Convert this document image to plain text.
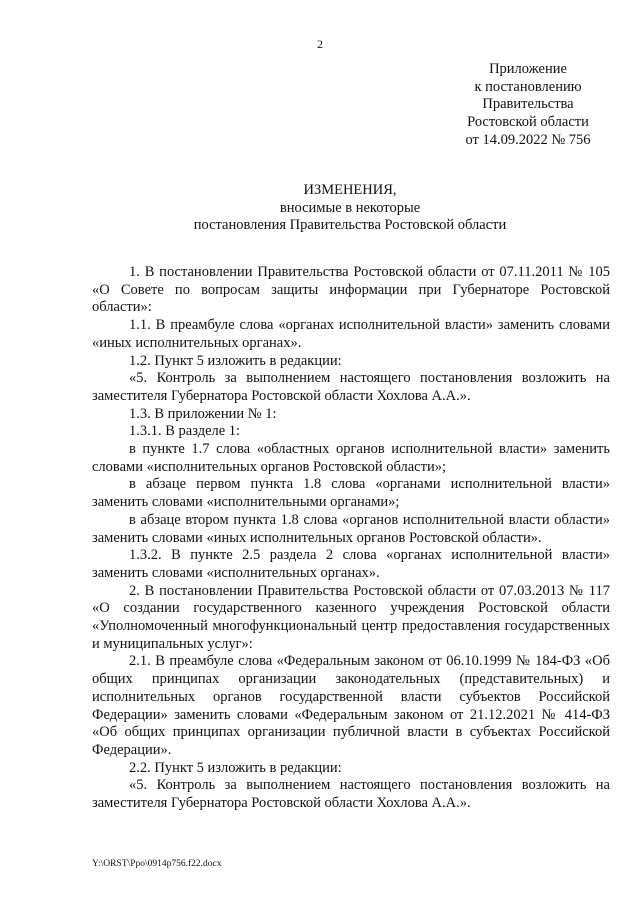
2
Приложение
к постановлению
Правительства
Ростовской области
от 14.09.2022 № 756
ИЗМЕНЕНИЯ,
вносимые в некоторые
постановления Правительства Ростовской области

1. В постановлении Правительства Ростовской области от 07.11.2011 № 105 «О Совете по вопросам защиты информации при Губернаторе Ростовской области»:

1.1. В преамбуле слова «органах исполнительной власти» заменить словами «иных исполнительных органах».

1.2. Пункт 5 изложить в редакции:

«5. Контроль за выполнением настоящего постановления возложить на заместителя Губернатора Ростовской области Хохлова А.А.».

1.3. В приложении № 1:

1.3.1. В разделе 1:

в пункте 1.7 слова «областных органов исполнительной власти» заменить словами «исполнительных органов Ростовской области»;

в абзаце первом пункта 1.8 слова «органами исполнительной власти» заменить словами «исполнительными органами»;

в абзаце втором пункта 1.8 слова «органов исполнительной власти области» заменить словами «иных исполнительных органов Ростовской области».

1.3.2. В пункте 2.5 раздела 2 слова «органах исполнительной власти» заменить словами «исполнительных органах».

2. В постановлении Правительства Ростовской области от 07.03.2013 № 117 «О создании государственного казенного учреждения Ростовской области «Уполномоченный многофункциональный центр предоставления государственных и муниципальных услуг»:

2.1. В преамбуле слова «Федеральным законом от 06.10.1999 № 184-ФЗ «Об общих принципах организации законодательных (представительных) и исполнительных органов государственной власти субъектов Российской Федерации» заменить словами «Федеральным законом от 21.12.2021 № 414-ФЗ «Об общих принципах организации публичной власти в субъектах Российской Федерации».

2.2. Пункт 5 изложить в редакции:

«5. Контроль за выполнением настоящего постановления возложить на заместителя Губернатора Ростовской области Хохлова А.А.».

Y:\ORST\Ppo\0914p756.f22.docx
